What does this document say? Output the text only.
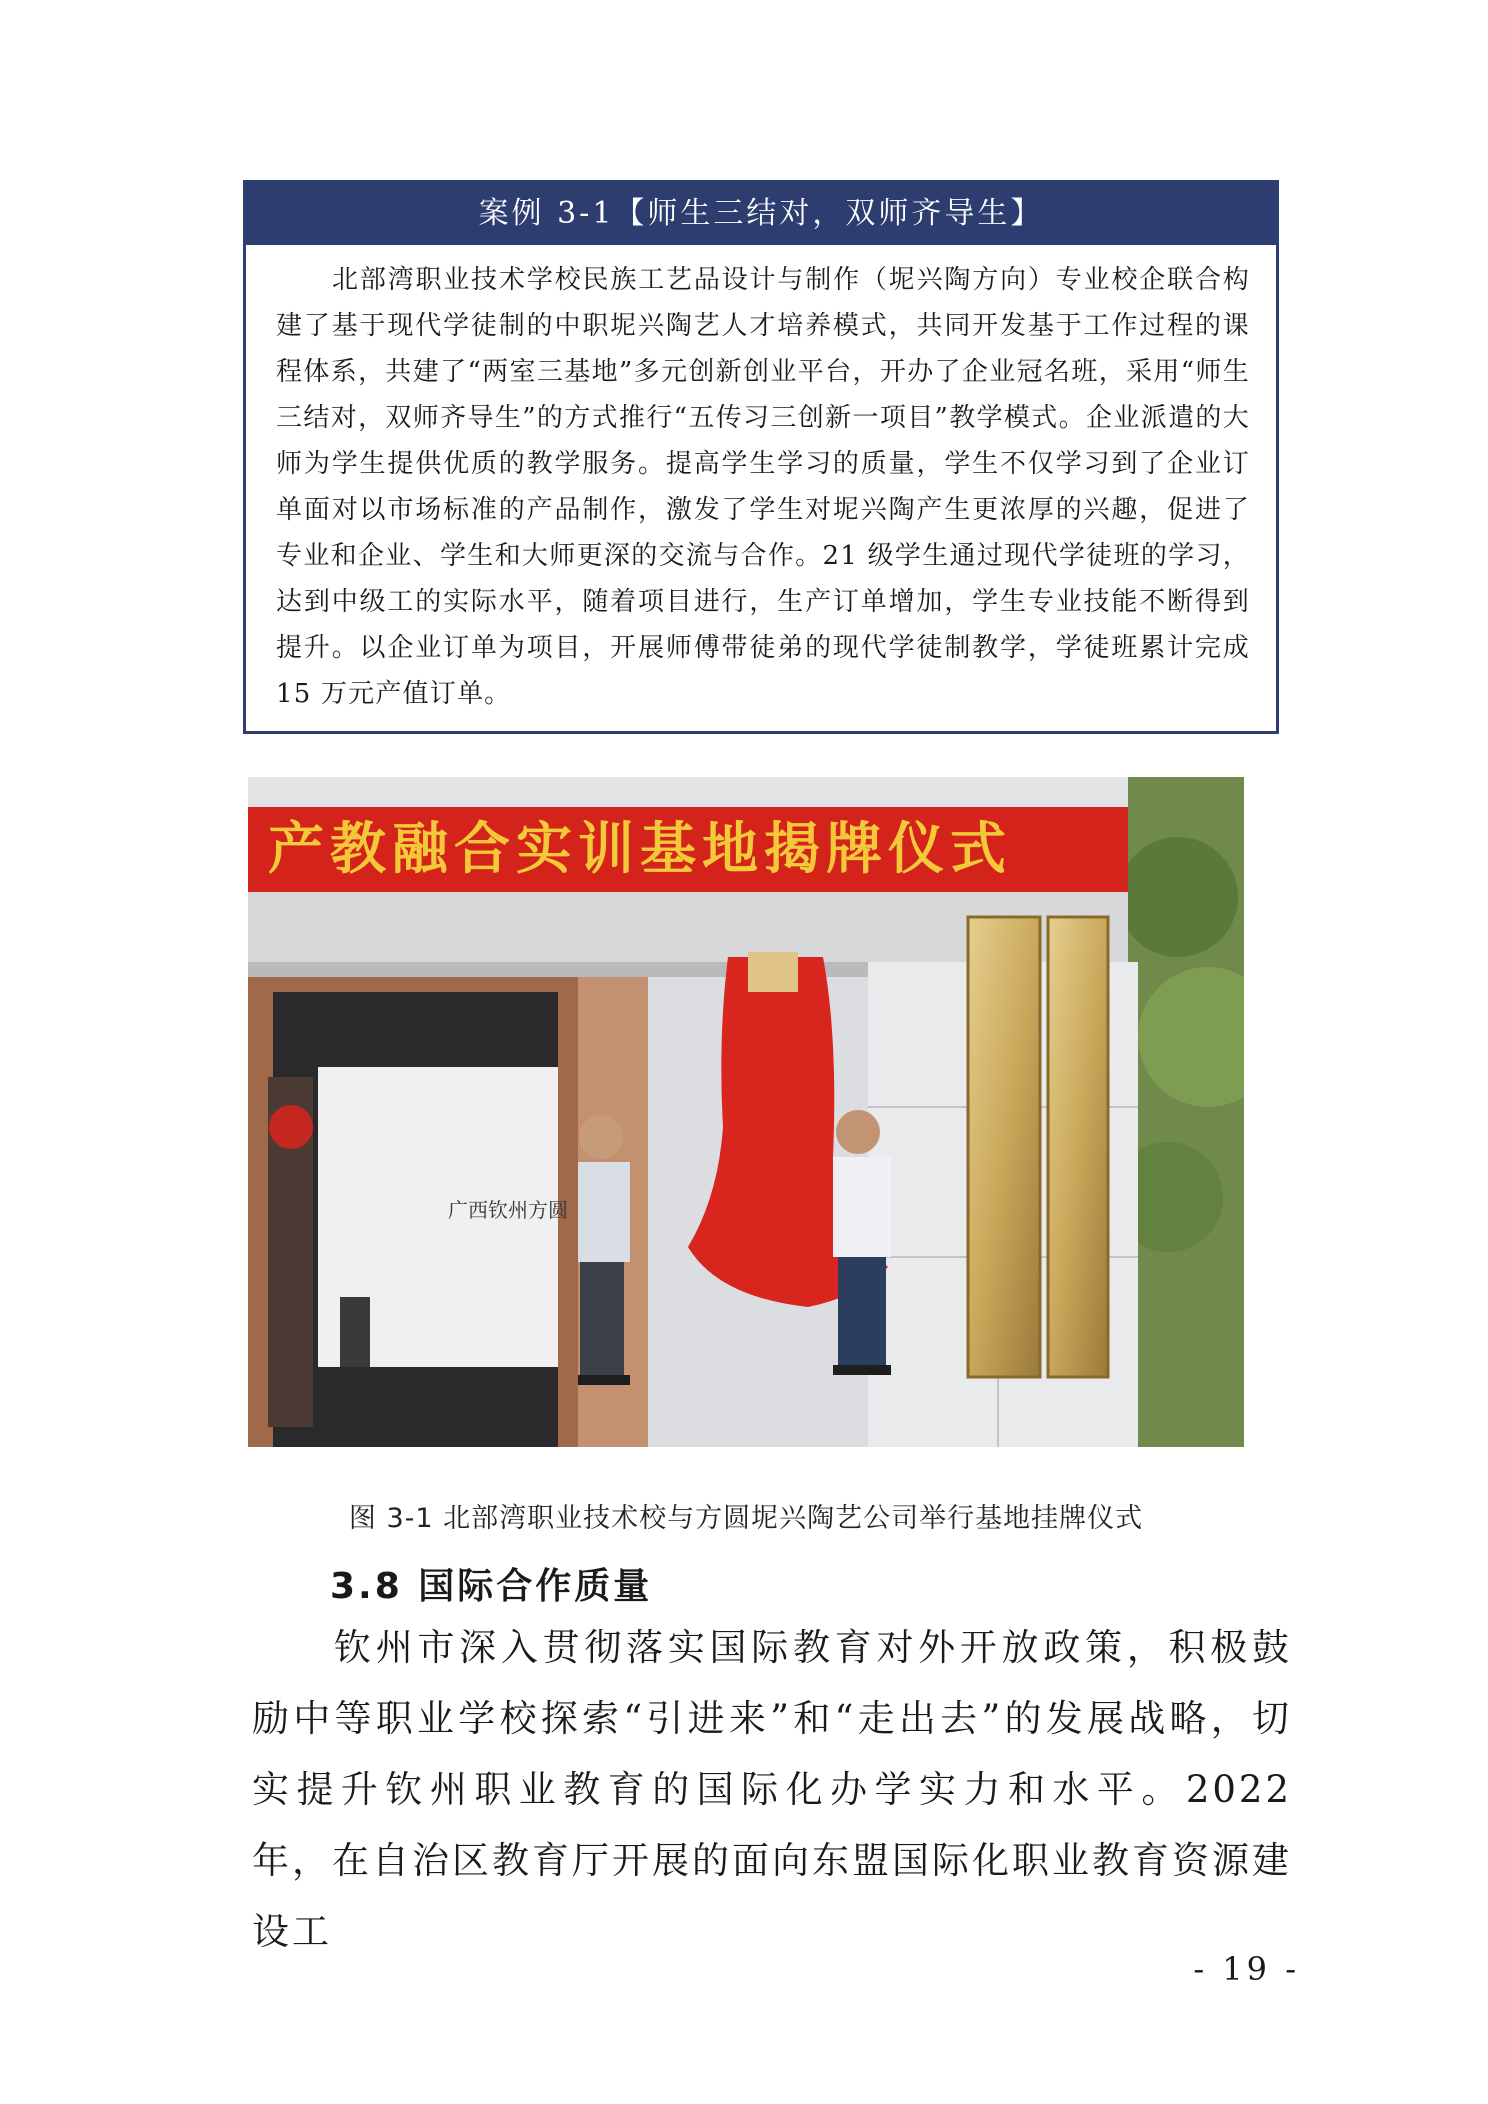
案例 3-1【师生三结对，双师齐导生】
北部湾职业技术学校民族工艺品设计与制作（坭兴陶方向）专业校企联合构建了基于现代学徒制的中职坭兴陶艺人才培养模式，共同开发基于工作过程的课程体系，共建了“两室三基地”多元创新创业平台，开办了企业冠名班，采用“师生三结对，双师齐导生”的方式推行“五传习三创新一项目”教学模式。企业派遣的大师为学生提供优质的教学服务。提高学生学习的质量，学生不仅学习到了企业订单面对以市场标准的产品制作，激发了学生对坭兴陶产生更浓厚的兴趣，促进了专业和企业、学生和大师更深的交流与合作。21 级学生通过现代学徒班的学习，达到中级工的实际水平，随着项目进行，生产订单增加，学生专业技能不断得到提升。以企业订单为项目，开展师傅带徒弟的现代学徒制教学，学徒班累计完成 15 万元产值订单。
产教融合实训基地揭牌仪式
广西钦州方圆
图 3-1 北部湾职业技术校与方圆坭兴陶艺公司举行基地挂牌仪式
3.8 国际合作质量
钦州市深入贯彻落实国际教育对外开放政策，积极鼓励中等职业学校探索“引进来”和“走出去”的发展战略，切实提升钦州职业教育的国际化办学实力和水平。2022 年，在自治区教育厅开展的面向东盟国际化职业教育资源建设工
- 19 -
